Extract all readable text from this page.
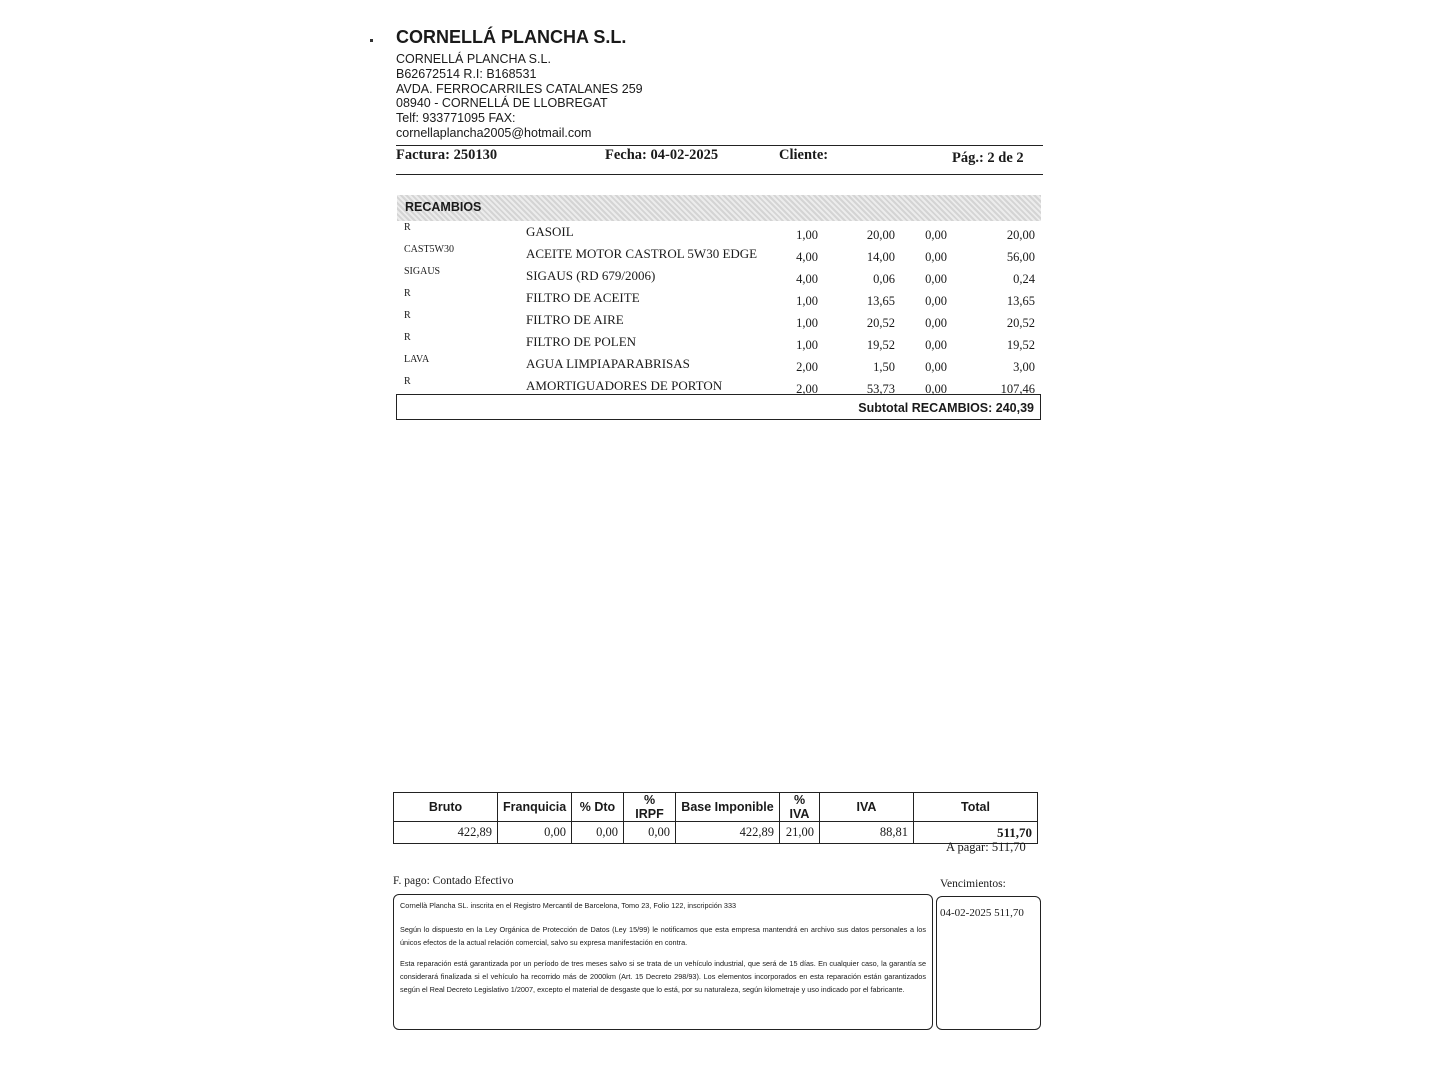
CORNELLÁ PLANCHA S.L.
CORNELLÁ PLANCHA S.L.
B62672514 R.I: B168531
AVDA. FERROCARRILES CATALANES 259
08940 - CORNELLÁ DE LLOBREGAT
Telf: 933771095 FAX:
cornellaplancha2005@hotmail.com
Factura: 250130	Fecha: 04-02-2025	Cliente:	Pág.: 2 de 2
RECAMBIOS
R	GASOIL	1,00	20,00 0,00	20,00
CAST5W30	ACEITE MOTOR CASTROL 5W30 EDGE	4,00	14,00 0,00	56,00
SIGAUS	SIGAUS (RD 679/2006)	4,00	0,06 0,00	0,24
R	FILTRO DE ACEITE	1,00	13,65 0,00	13,65
R	FILTRO DE AIRE	1,00	20,52 0,00	20,52
R	FILTRO DE POLEN	1,00	19,52 0,00	19,52
LAVA	AGUA LIMPIAPARABRISAS	2,00	1,50 0,00	3,00
R	AMORTIGUADORES DE PORTON	2,00	53,73 0,00	107,46
Subtotal RECAMBIOS: 240,39
Bruto	Franquicia	% Dto	% IRPF	Base Imponible	% IVA	IVA	Total
422,89	0,00	0,00	0,00	422,89	21,00	88,81	511,70
A pagar: 511,70
F. pago: Contado Efectivo	Vencimientos:

Cornellà Plancha SL. inscrita en el Registro Mercantil de Barcelona, Tomo 23, Folio 122, inscripción 333

Según lo dispuesto en la Ley Orgánica de Protección de Datos (Ley 15/99) le notificamos que esta empresa mantendrá en archivo sus datos personales a los únicos efectos de la actual relación comercial, salvo su expresa manifestación en contra.

Esta reparación está garantizada por un período de tres meses salvo si se trata de un vehículo industrial, que será de 15 días. En cualquier caso, la garantía se considerará finalizada si el vehículo ha recorrido más de 2000km (Art. 15 Decreto 298/93). Los elementos incorporados en esta reparación están garantizados según el Real Decreto Legislativo 1/2007, excepto el material de desgaste que lo está, por su naturaleza, según kilometraje y uso indicado por el fabricante.

04-02-2025 511,70
